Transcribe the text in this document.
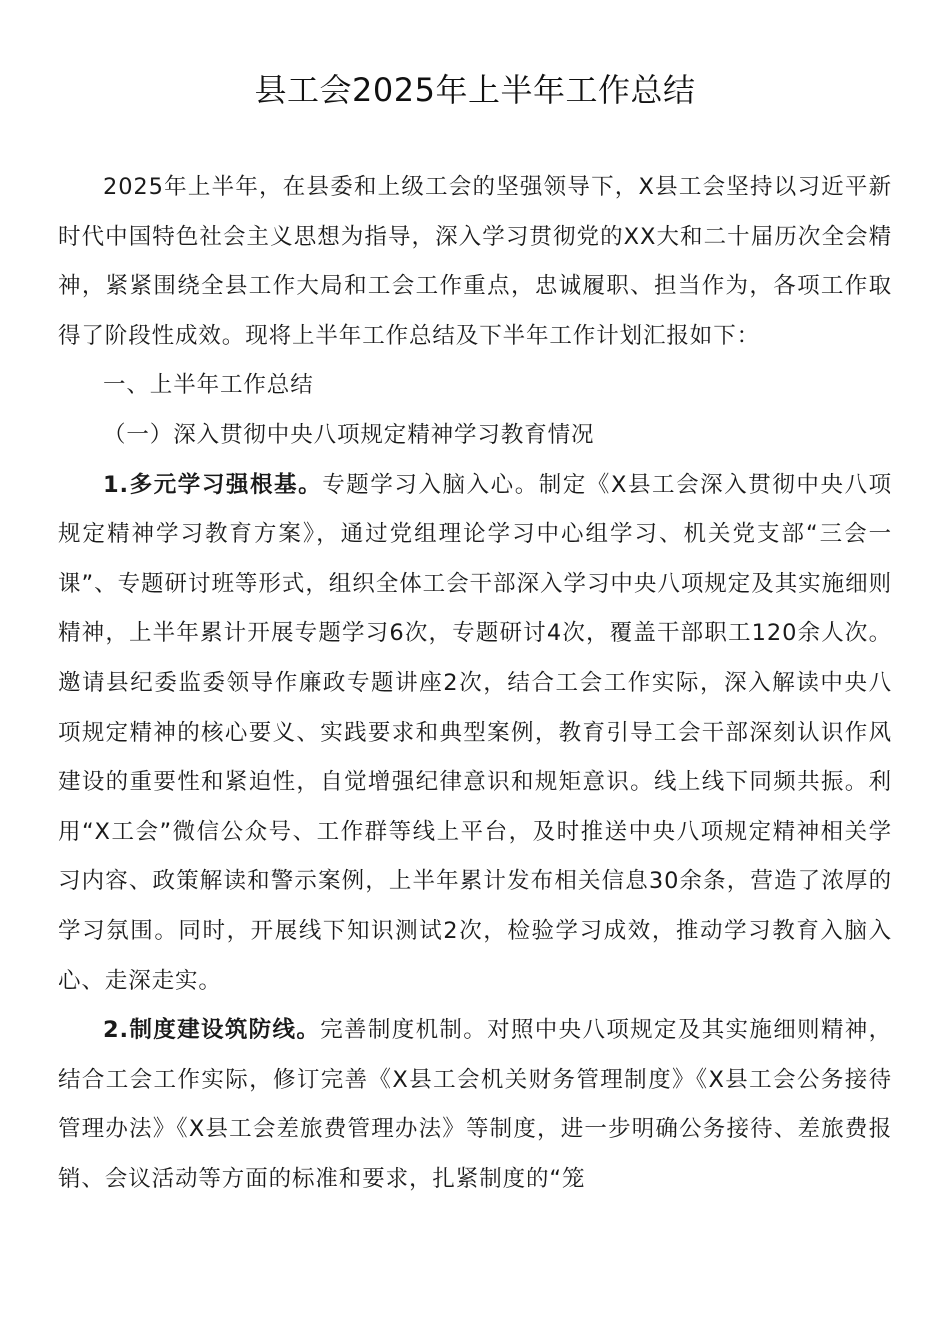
县工会2025年上半年工作总结

2025年上半年，在县委和上级工会的坚强领导下，X县工会坚持以习近平新时代中国特色社会主义思想为指导，深入学习贯彻党的XX大和二十届历次全会精神，紧紧围绕全县工作大局和工会工作重点，忠诚履职、担当作为，各项工作取得了阶段性成效。现将上半年工作总结及下半年工作计划汇报如下：

一、上半年工作总结

（一）深入贯彻中央八项规定精神学习教育情况

1.多元学习强根基。专题学习入脑入心。制定《X县工会深入贯彻中央八项规定精神学习教育方案》，通过党组理论学习中心组学习、机关党支部“三会一课”、专题研讨班等形式，组织全体工会干部深入学习中央八项规定及其实施细则精神，上半年累计开展专题学习6次，专题研讨4次，覆盖干部职工120余人次。邀请县纪委监委领导作廉政专题讲座2次，结合工会工作实际，深入解读中央八项规定精神的核心要义、实践要求和典型案例，教育引导工会干部深刻认识作风建设的重要性和紧迫性，自觉增强纪律意识和规矩意识。线上线下同频共振。利用“X工会”微信公众号、工作群等线上平台，及时推送中央八项规定精神相关学习内容、政策解读和警示案例，上半年累计发布相关信息30余条，营造了浓厚的学习氛围。同时，开展线下知识测试2次，检验学习成效，推动学习教育入脑入心、走深走实。

2.制度建设筑防线。完善制度机制。对照中央八项规定及其实施细则精神，结合工会工作实际，修订完善《X县工会机关财务管理制度》《X县工会公务接待管理办法》《X县工会差旅费管理办法》等制度，进一步明确公务接待、差旅费报销、会议活动等方面的标准和要求，扎紧制度的“笼
